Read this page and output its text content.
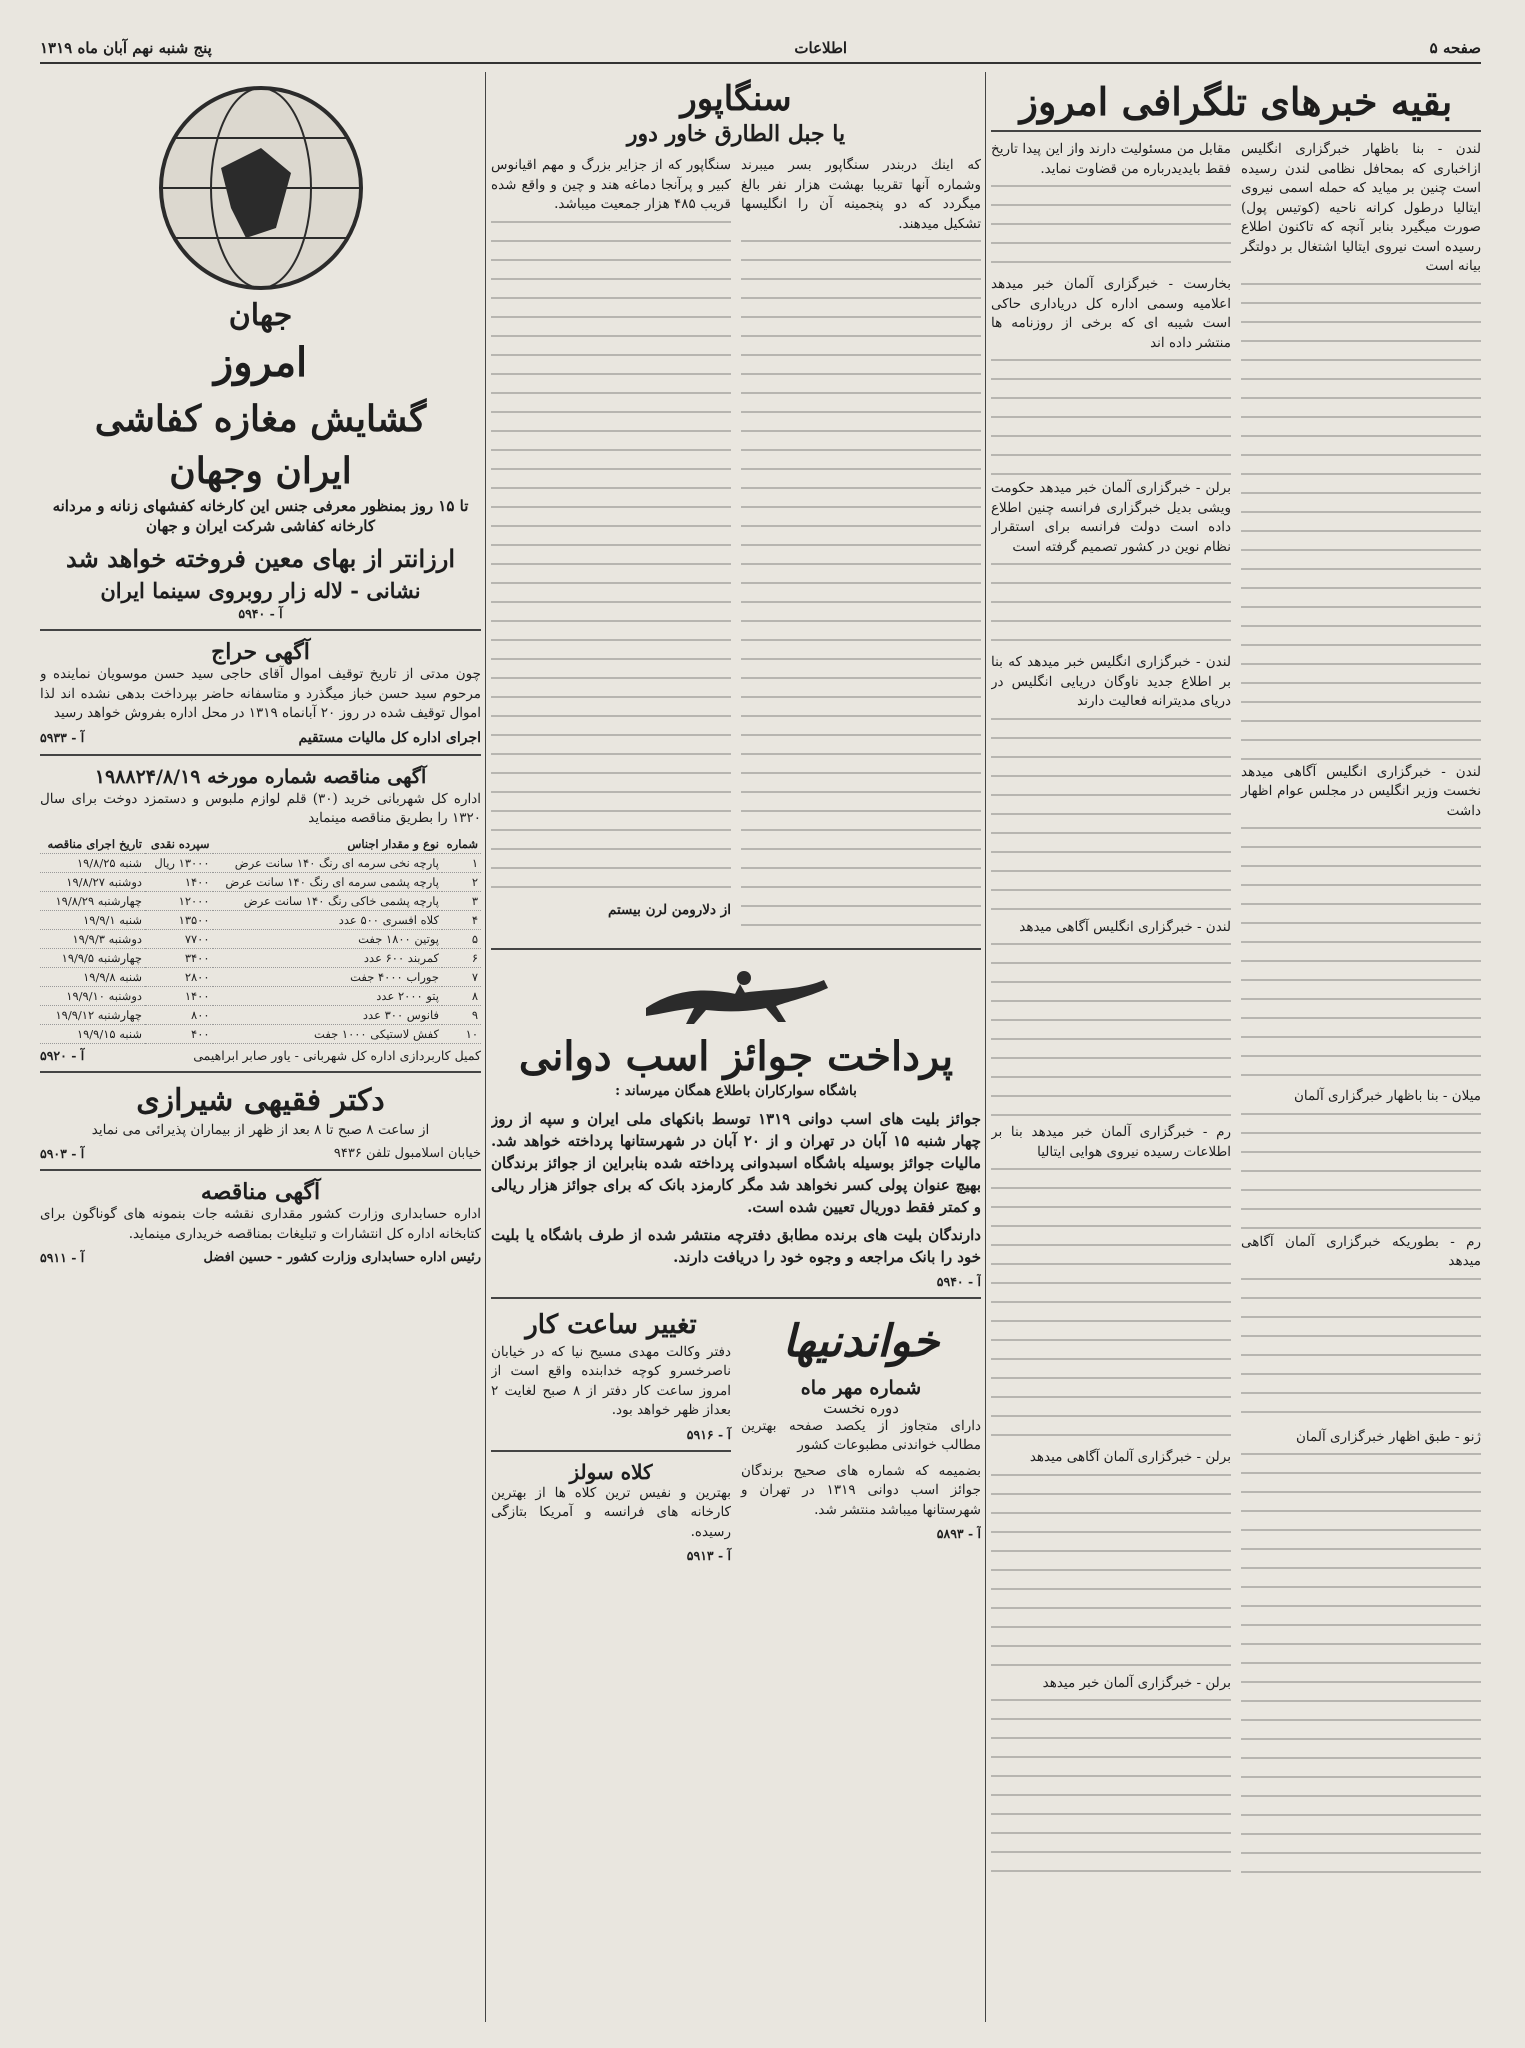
صفحه ۵
اطلاعات
پنج شنبه نهم آبان ماه ۱۳۱۹
بقیه خبرهای تلگرافی امروز

لندن - بنا باظهار خبرگزاری انگلیس ازاخباری که بمحافل نظامی لندن رسیده است چنین بر میاید که حمله اسمی نیروی ایتالیا درطول کرانه ناحیه (کوتیس پول) صورت میگیرد بنابر آنچه که تاکنون اطلاع رسیده است نیروی ایتالیا اشتغال بر دولتگر بیانه است

لندن - خبرگزاری انگلیس آگاهی میدهد نخست وزیر انگلیس در مجلس عوام اظهار داشت

میلان - بنا باظهار خبرگزاری آلمان

رم - بطوریکه خبرگزاری آلمان آگاهی میدهد

ژنو - طبق اظهار خبرگزاری آلمان

مقابل من مسئولیت دارند واز این پیدا تاریخ فقط بایدیدرباره من قضاوت نماید.

بخارست - خبرگزاری آلمان خبر میدهد اعلامیه وسمی اداره کل دریاداری حاکی است شیبه ای که برخی از روزنامه ها منتشر داده اند

برلن - خبرگزاری آلمان خبر میدهد حکومت ویشی بدیل خبرگزاری فرانسه چنین اطلاع داده است دولت فرانسه برای استقرار نظام نوین در کشور تصمیم گرفته است

لندن - خبرگزاری انگلیس خبر میدهد که بنا بر اطلاع جدید ناوگان دریایی انگلیس در دریای مدیترانه فعالیت دارند

لندن - خبرگزاری انگلیس آگاهی میدهد

رم - خبرگزاری آلمان خبر میدهد بنا بر اطلاعات رسیده نیروی هوایی ایتالیا

برلن - خبرگزاری آلمان آگاهی میدهد

برلن - خبرگزاری آلمان خبر میدهد

سنگاپور
یا جبل الطارق خاور دور

که اینك دربندر سنگاپور بسر میبرند وشماره آنها تقریبا بهشت هزار نفر بالغ میگردد که دو پنجمینه آن را انگلیسها تشکیل میدهند.

سنگاپور که از جزایر بزرگ و مهم اقیانوس کبیر و پرآنجا دماغه هند و چین و واقع شده قریب ۴۸۵ هزار جمعیت میباشد.

از دلارومن لرن بیستم

پرداخت جوائز اسب دوانی

باشگاه سوارکاران باطلاع همگان میرساند :

جوائز بلیت های اسب دوانی ۱۳۱۹ توسط بانکهای ملی ایران و سپه از روز چهار شنبه ۱۵ آبان در تهران و از ۲۰ آبان در شهرستانها پرداخته خواهد شد. مالیات جوائز بوسیله باشگاه اسبدوانی پرداخته شده بنابراین از جوائز برندگان بهیچ عنوان پولی کسر نخواهد شد مگر کارمزد بانک که برای جوائز هزار ریالی و کمتر فقط دوریال تعیین شده است.

دارندگان بلیت های برنده مطابق دفترچه منتشر شده از طرف باشگاه یا بلیت خود را بانک مراجعه و وجوه خود را دریافت دارند.

آ - ۵۹۴۰
خواندنیها
شماره مهر ماه
دوره نخست

دارای متجاوز از یکصد صفحه بهترین مطالب خواندنی مطبوعات کشور

بضمیمه که شماره های صحیح برندگان جوائز اسب دوانی ۱۳۱۹ در تهران و شهرستانها میباشد منتشر شد.

آ - ۵۸۹۳
تغییر ساعت کار

دفتر وکالت مهدی مسیح نیا که در خیابان ناصرخسرو کوچه خدابنده واقع است از امروز ساعت کار دفتر از ۸ صبح لغایت ۲ بعداز ظهر خواهد بود.

آ - ۵۹۱۶
کلاه سولز

بهترین و نفیس ترین کلاه ها از بهترین کارخانه های فرانسه و آمریکا بتازگی رسیده.

آ - ۵۹۱۳
جهان
امروز
گشایش مغازه کفاشی
ایران وجهان

تا ۱۵ روز بمنظور معرفی جنس این کارخانه کفشهای زنانه و مردانه کارخانه کفاشی شرکت ایران و جهان

ارزانتر از بهای معین فروخته خواهد شد
نشانی - لاله زار روبروی سینما ایران
آ - ۵۹۴۰
آگهی حراج

چون مدتی از تاریخ توقیف اموال آقای حاجی سید حسن موسویان نماینده و مرحوم سید حسن خباز میگذرد و متاسفانه حاضر بپرداخت بدهی نشده اند لذا اموال توقیف شده در روز ۲۰ آبانماه ۱۳۱۹ در محل اداره بفروش خواهد رسید

اجرای اداره کل مالیات مستقیم
آ - ۵۹۳۳
آگهی مناقصه شماره مورخه ۱۹۸۸۲۴/۸/۱۹

اداره کل شهربانی خرید (۳۰) قلم لوازم ملبوس و دستمزد دوخت برای سال ۱۳۲۰ را بطریق مناقصه مینماید

شماره	نوع و مقدار اجناس	سپرده نقدی	تاریخ اجرای مناقصه
۱	پارچه نخی سرمه ای رنگ ۱۴۰ سانت عرض	۱۳۰۰۰ ریال	شنبه ۱۹/۸/۲۵
۲	پارچه پشمی سرمه ای رنگ ۱۴۰ سانت عرض	۱۴۰۰	دوشنبه ۱۹/۸/۲۷
۳	پارچه پشمی خاکی رنگ ۱۴۰ سانت عرض	۱۲۰۰۰	چهارشنبه ۱۹/۸/۲۹
۴	کلاه افسری ۵۰۰ عدد	۱۳۵۰۰	شنبه ۱۹/۹/۱
۵	پوتین ۱۸۰۰ جفت	۷۷۰۰	دوشنبه ۱۹/۹/۳
۶	کمربند ۶۰۰ عدد	۳۴۰۰	چهارشنبه ۱۹/۹/۵
۷	جوراب ۴۰۰۰ جفت	۲۸۰۰	شنبه ۱۹/۹/۸
۸	پتو ۲۰۰۰ عدد	۱۴۰۰	دوشنبه ۱۹/۹/۱۰
۹	فانوس ۳۰۰ عدد	۸۰۰	چهارشنبه ۱۹/۹/۱۲
۱۰	کفش لاستیکی ۱۰۰۰ جفت	۴۰۰	شنبه ۱۹/۹/۱۵
کمیل کاربردازی اداره کل شهربانی - یاور صابر ابراهیمی
آ - ۵۹۲۰
دکتر فقیهی شیرازی

از ساعت ۸ صبح تا ۸ بعد از ظهر از بیماران پذیرائی می نماید

خیابان اسلامبول تلفن ۹۴۳۶
آ - ۵۹۰۳
آگهی مناقصه

اداره حسابداری وزارت کشور مقداری نقشه جات بنمونه های گوناگون برای کتابخانه اداره کل انتشارات و تبلیغات بمناقصه خریداری مینماید.

رئیس اداره حسابداری وزارت کشور - حسین افضل
آ - ۵۹۱۱
